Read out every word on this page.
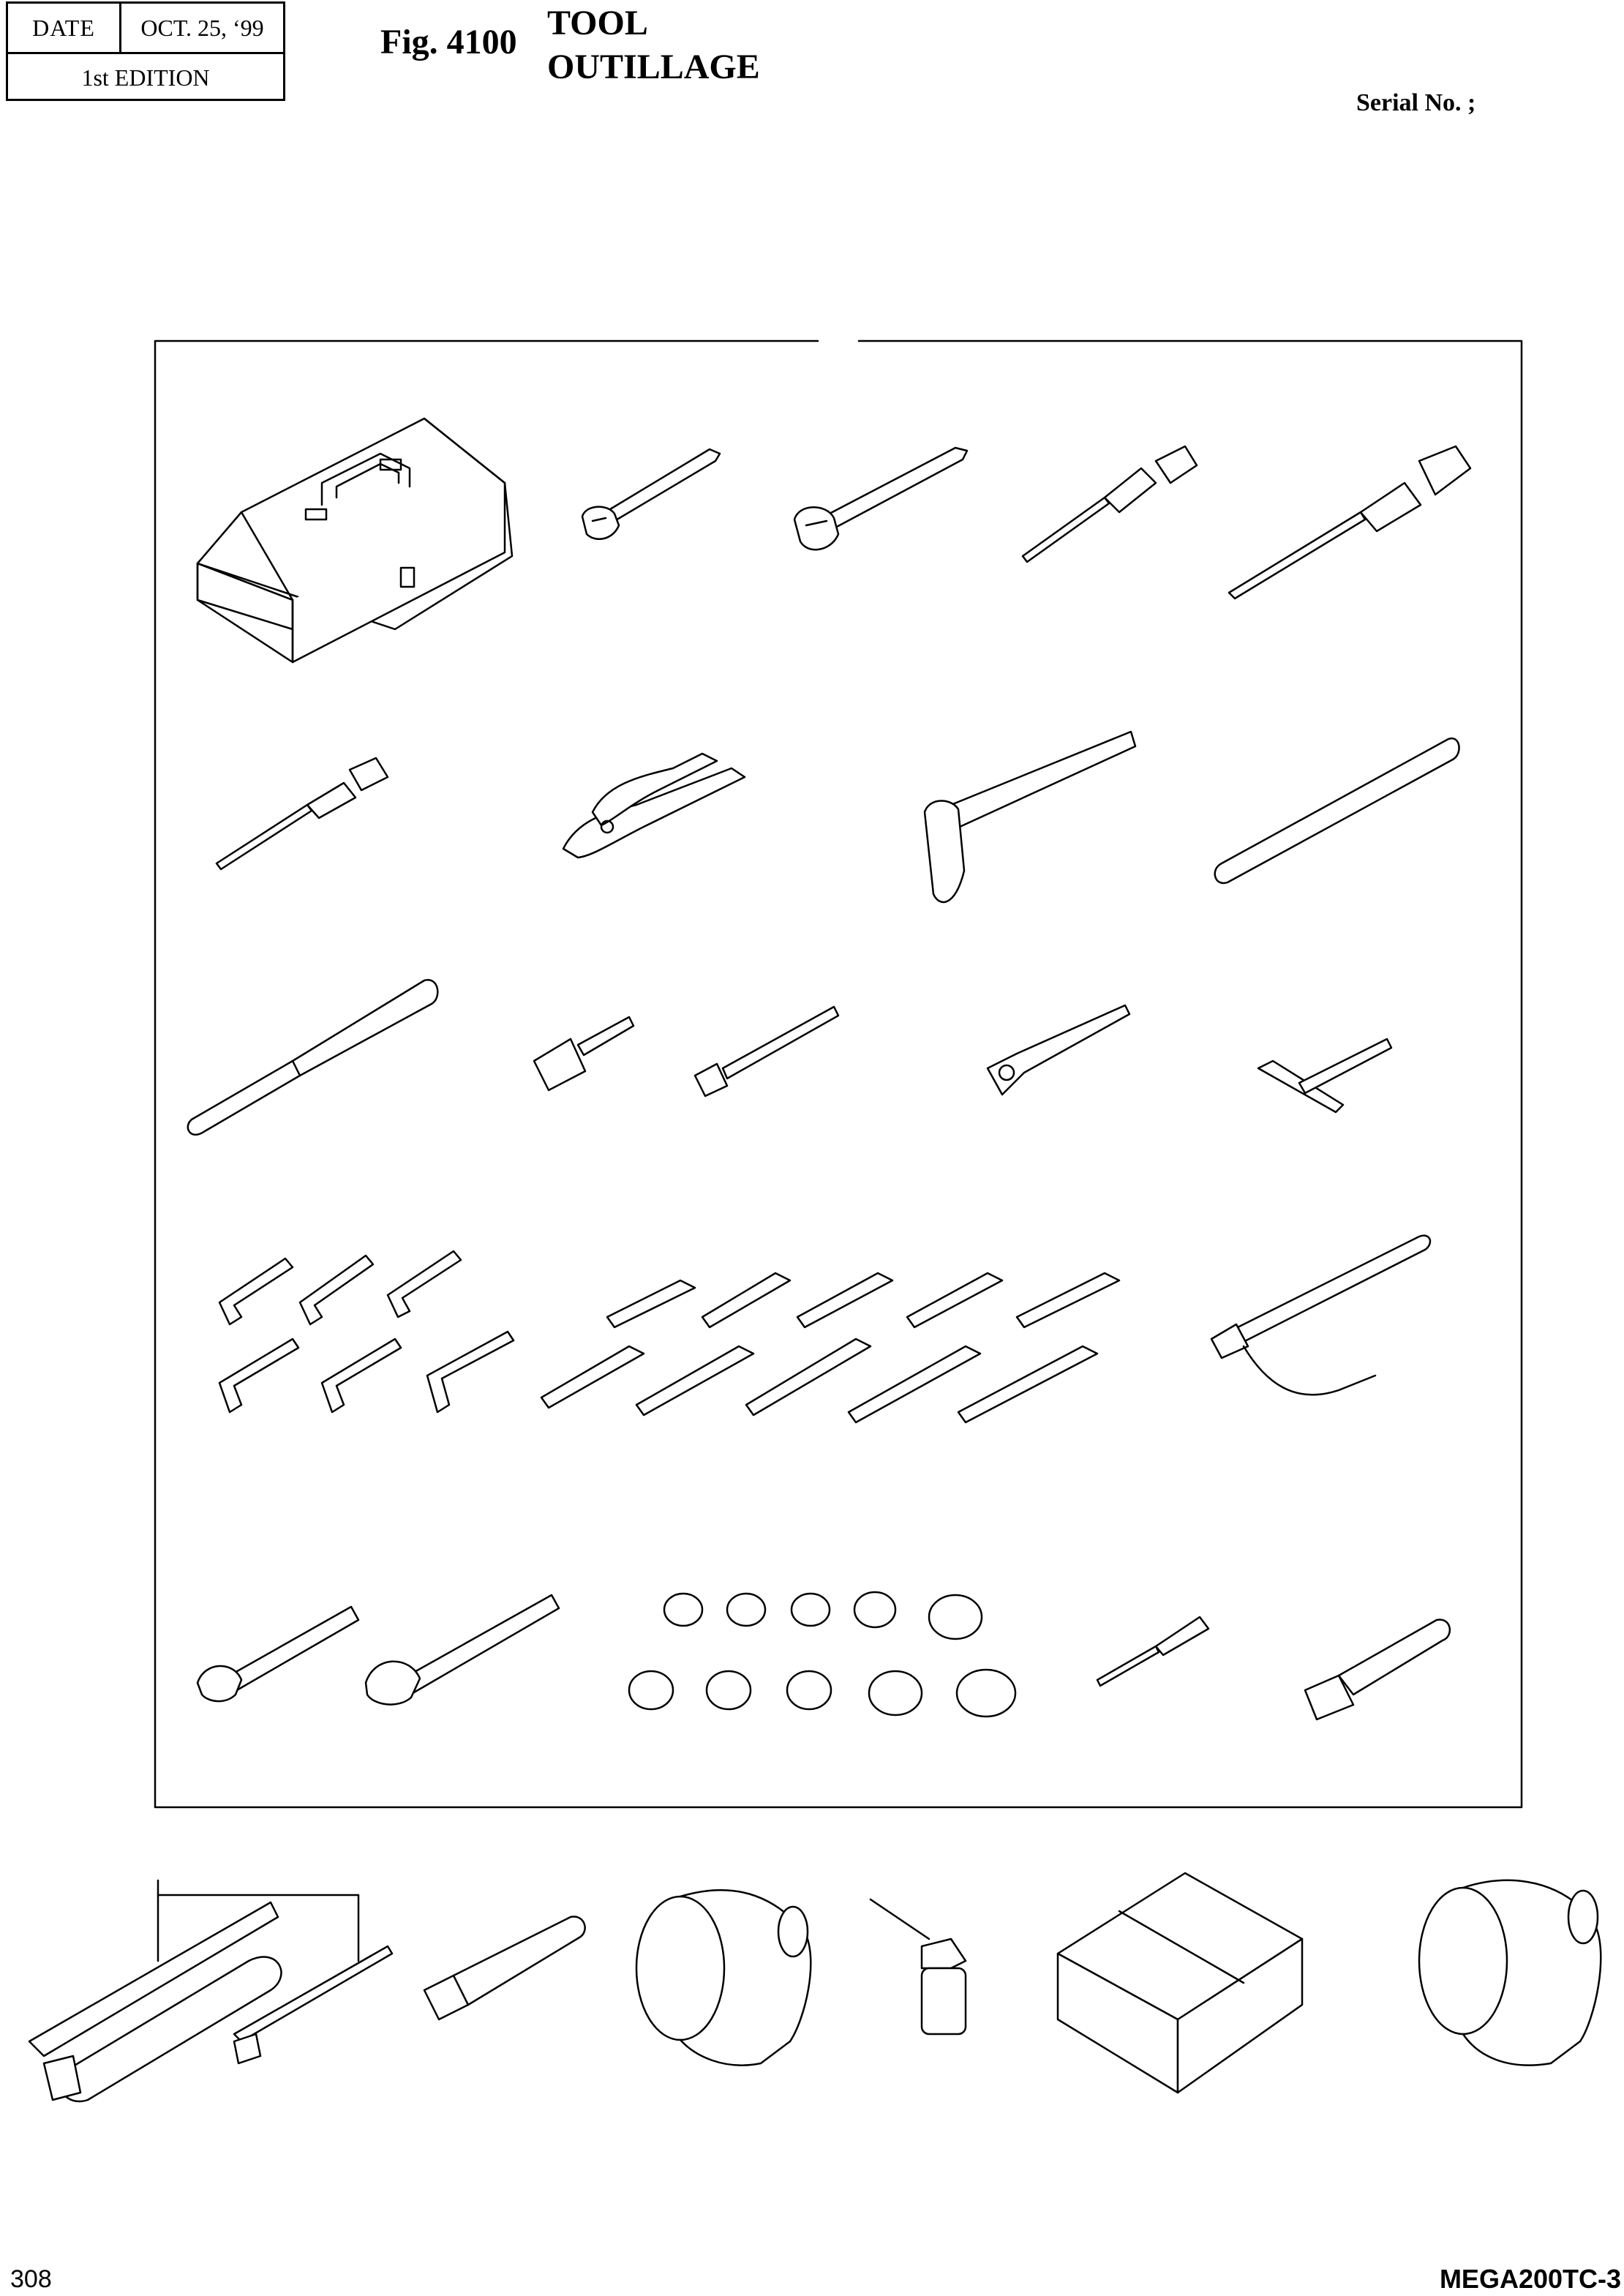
DATE	OCT. 25, ‘99
1st EDITION
Fig. 4100 TOOL
OUTILLAGE
Serial No. ;
308	MEGA200TC-3
